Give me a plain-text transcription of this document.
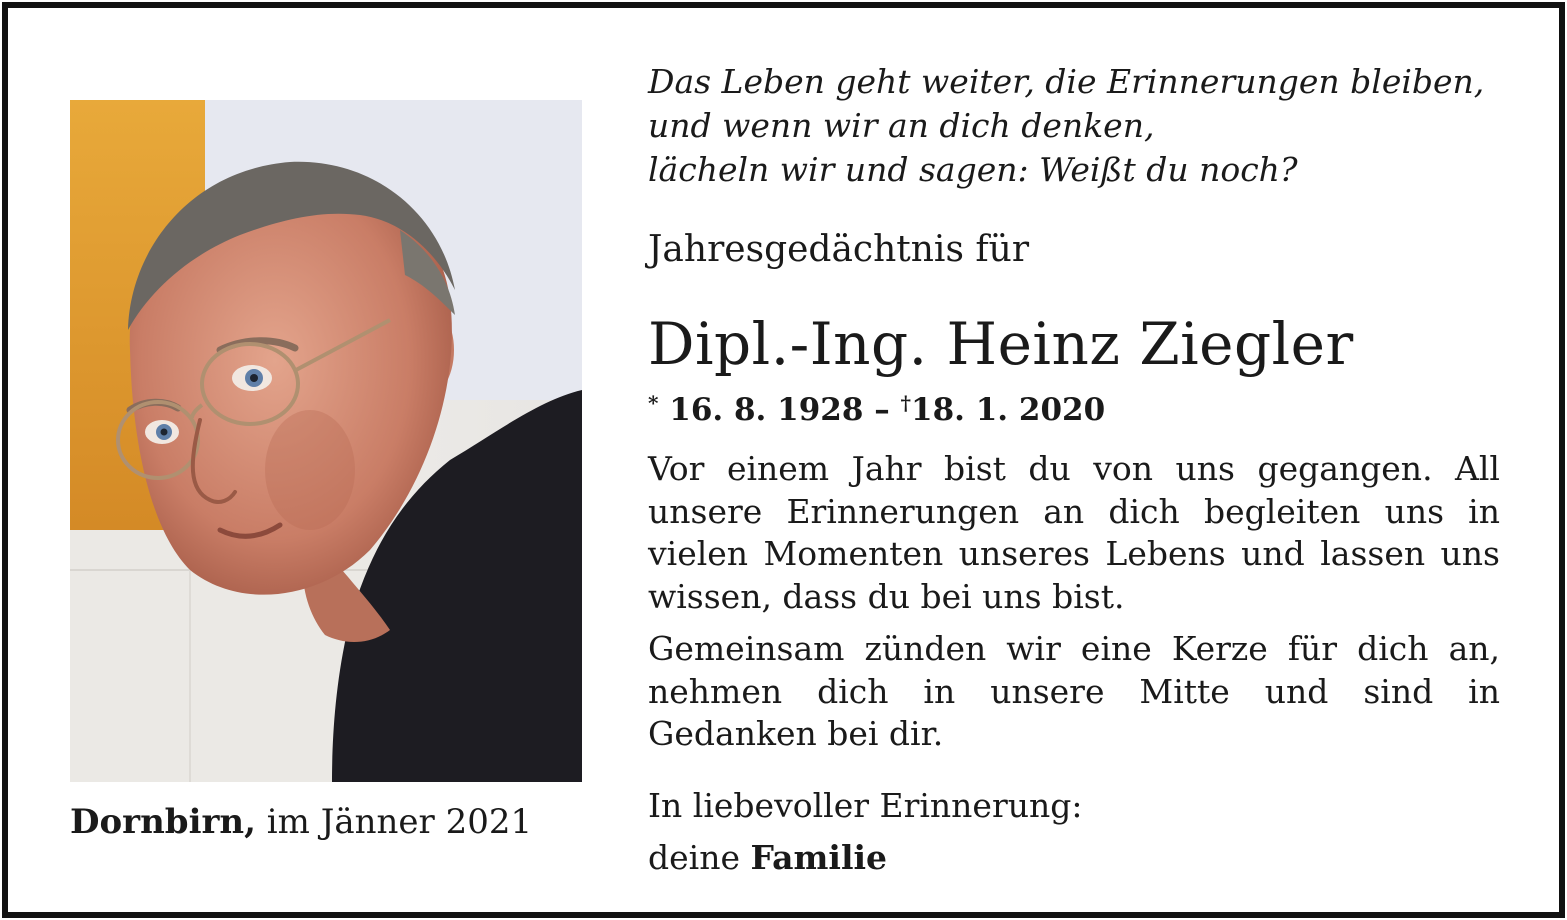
Dornbirn, im Jänner 2021
Das Leben geht weiter, die Erinnerungen bleiben,
und wenn wir an dich denken,
lächeln wir und sagen: Weißt du noch?
Jahresgedächtnis für
Dipl.-Ing. Heinz Ziegler
* 16. 8. 1928 – †18. 1. 2020
Vor einem Jahr bist du von uns gegangen. All unsere Erinnerungen an dich begleiten uns in vielen Momenten unseres Lebens und lassen uns wissen, dass du bei uns bist.
Gemeinsam zünden wir eine Kerze für dich an, nehmen dich in unsere Mitte und sind in Gedanken bei dir.
In liebevoller Erinnerung:
deine Familie
